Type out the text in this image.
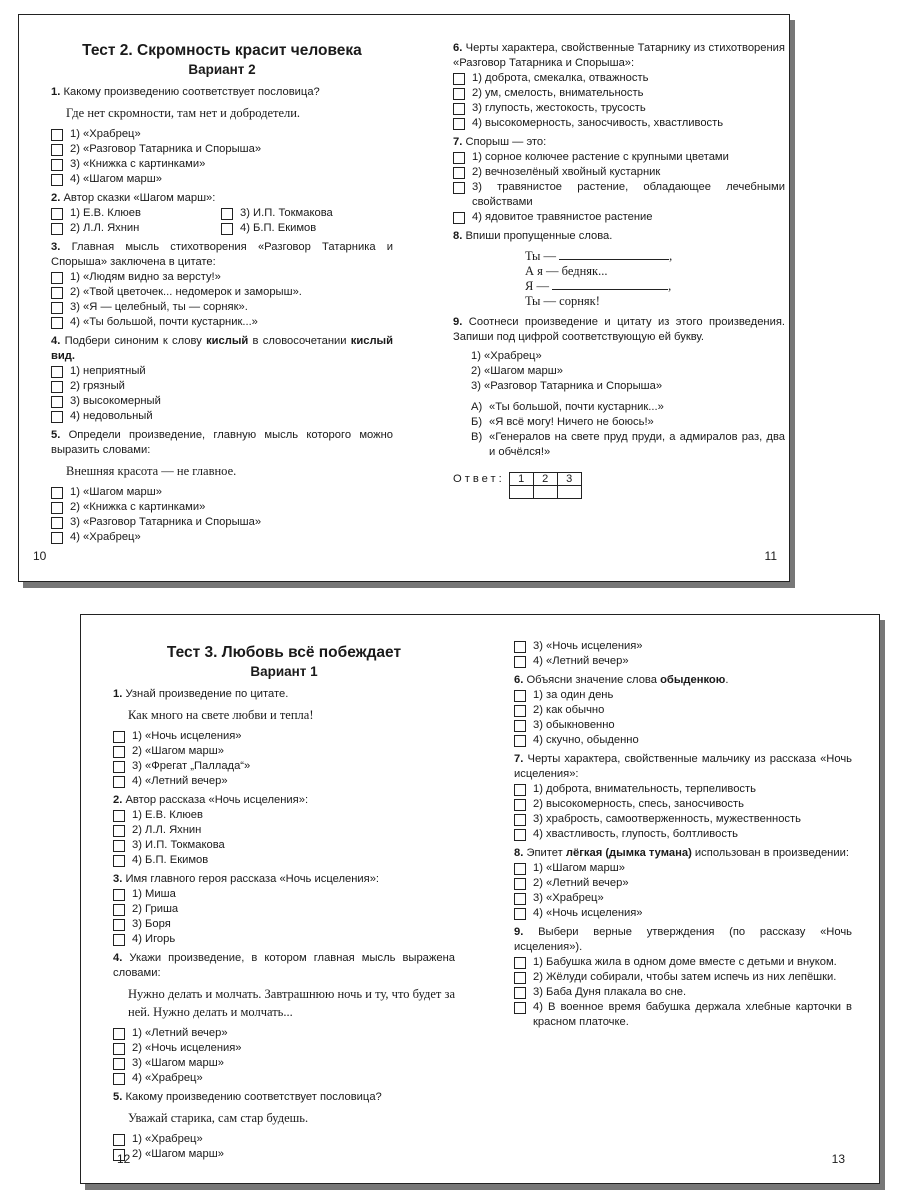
Тест 2. Скромность красит человека
Вариант 2
1. Какому произведению соответствует пословица?
Где нет скромности, там нет и добродетели.
1) «Храбрец»
2) «Разговор Татарника и Спорыша»
3) «Книжка с картинками»
4) «Шагом марш»
2. Автор сказки «Шагом марш»:
1) Е.В. Клюев	3) И.П. Токмакова
2) Л.Л. Яхнин	4) Б.П. Екимов
3. Главная мысль стихотворения «Разговор Татарника и Спорыша» заключена в цитате:
1) «Людям видно за версту!»
2) «Твой цветочек... недомерок и заморыш».
3) «Я — целебный, ты — сорняк».
4) «Ты большой, почти кустарник...»
4. Подбери синоним к слову кислый в словосочетании кислый вид.
1) неприятный
2) грязный
3) высокомерный
4) недовольный
5. Определи произведение, главную мысль которого можно выразить словами:
Внешняя красота — не главное.
1) «Шагом марш»
2) «Книжка с картинками»
3) «Разговор Татарника и Спорыша»
4) «Храбрец»
6. Черты характера, свойственные Татарнику из стихотворения «Разговор Татарника и Спорыша»:
1) доброта, смекалка, отважность
2) ум, смелость, внимательность
3) глупость, жестокость, трусость
4) высокомерность, заносчивость, хвастливость
7. Спорыш — это:
1) сорное колючее растение с крупными цветами
2) вечнозелёный хвойный кустарник
3) травянистое растение, обладающее лечебными свойствами
4) ядовитое травянистое растение
8. Впиши пропущенные слова.
Ты —	,
А я — бедняк...
Я —	,
Ты — сорняк!
9. Соотнеси произведение и цитату из этого произведения. Запиши под цифрой соответствующую ей букву.
1) «Храбрец»
2) «Шагом марш»
3) «Разговор Татарника и Спорыша»
А) «Ты большой, почти кустарник...»
Б) «Я всё могу! Ничего не боюсь!»
В) «Генералов на свете пруд пруди, а адмиралов раз, два и обчёлся!»
Ответ: 1	2	3

10	11
Тест 3. Любовь всё побеждает
Вариант 1
1. Узнай произведение по цитате.
Как много на свете любви и тепла!
1) «Ночь исцеления»
2) «Шагом марш»
3) «Фрегат „Паллада“»
4) «Летний вечер»
2. Автор рассказа «Ночь исцеления»:
1) Е.В. Клюев
2) Л.Л. Яхнин
3) И.П. Токмакова
4) Б.П. Екимов
3. Имя главного героя рассказа «Ночь исцеления»:
1) Миша
2) Гриша
3) Боря
4) Игорь
4. Укажи произведение, в котором главная мысль выражена словами:
Нужно делать и молчать. Завтрашнюю ночь и ту, что будет за ней. Нужно делать и молчать...
1) «Летний вечер»
2) «Ночь исцеления»
3) «Шагом марш»
4) «Храбрец»
5. Какому произведению соответствует пословица?
Уважай старика, сам стар будешь.
1) «Храбрец»
2) «Шагом марш»
3) «Ночь исцеления»
4) «Летний вечер»
6. Объясни значение слова обыденкою.
1) за один день
2) как обычно
3) обыкновенно
4) скучно, обыденно
7. Черты характера, свойственные мальчику из рассказа «Ночь исцеления»:
1) доброта, внимательность, терпеливость
2) высокомерность, спесь, заносчивость
3) храбрость, самоотверженность, мужественность
4) хвастливость, глупость, болтливость
8. Эпитет лёгкая (дымка тумана) использован в произведении:
1) «Шагом марш»
2) «Летний вечер»
3) «Храбрец»
4) «Ночь исцеления»
9. Выбери верные утверждения (по рассказу «Ночь исцеления»).
1) Бабушка жила в одном доме вместе с детьми и внуком.
2) Жёлуди собирали, чтобы затем испечь из них лепёшки.
3) Баба Дуня плакала во сне.
4) В военное время бабушка держала хлебные карточки в красном платочке.
12	13
